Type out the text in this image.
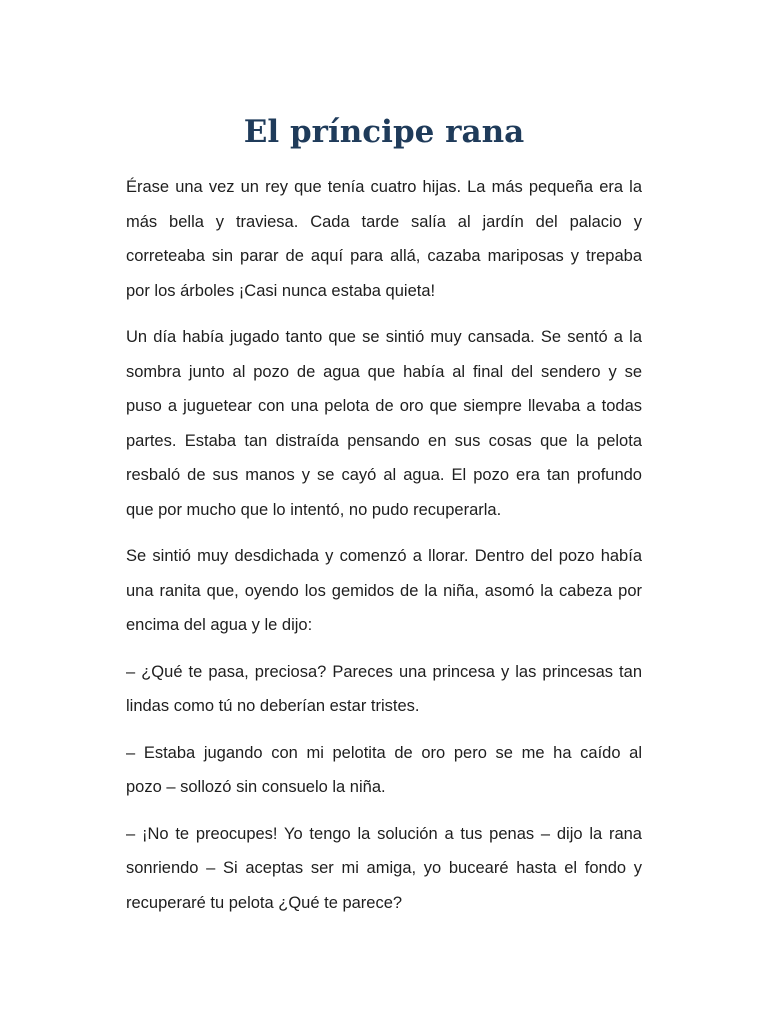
El príncipe rana

Érase una vez un rey que tenía cuatro hijas. La más pequeña era la
más bella y traviesa. Cada tarde salía al jardín del palacio y
correteaba sin parar de aquí para allá, cazaba mariposas y trepaba
por los árboles ¡Casi nunca estaba quieta!

Un día había jugado tanto que se sintió muy cansada. Se sentó a la
sombra junto al pozo de agua que había al final del sendero y se
puso a juguetear con una pelota de oro que siempre llevaba a todas
partes. Estaba tan distraída pensando en sus cosas que la pelota
resbaló de sus manos y se cayó al agua. El pozo era tan profundo
que por mucho que lo intentó, no pudo recuperarla.

Se sintió muy desdichada y comenzó a llorar. Dentro del pozo había
una ranita que, oyendo los gemidos de la niña, asomó la cabeza por
encima del agua y le dijo:

– ¿Qué te pasa, preciosa? Pareces una princesa y las princesas tan
lindas como tú no deberían estar tristes.

– Estaba jugando con mi pelotita de oro pero se me ha caído al
pozo – sollozó sin consuelo la niña.

– ¡No te preocupes! Yo tengo la solución a tus penas – dijo la rana
sonriendo – Si aceptas ser mi amiga, yo bucearé hasta el fondo y
recuperaré tu pelota ¿Qué te parece?
